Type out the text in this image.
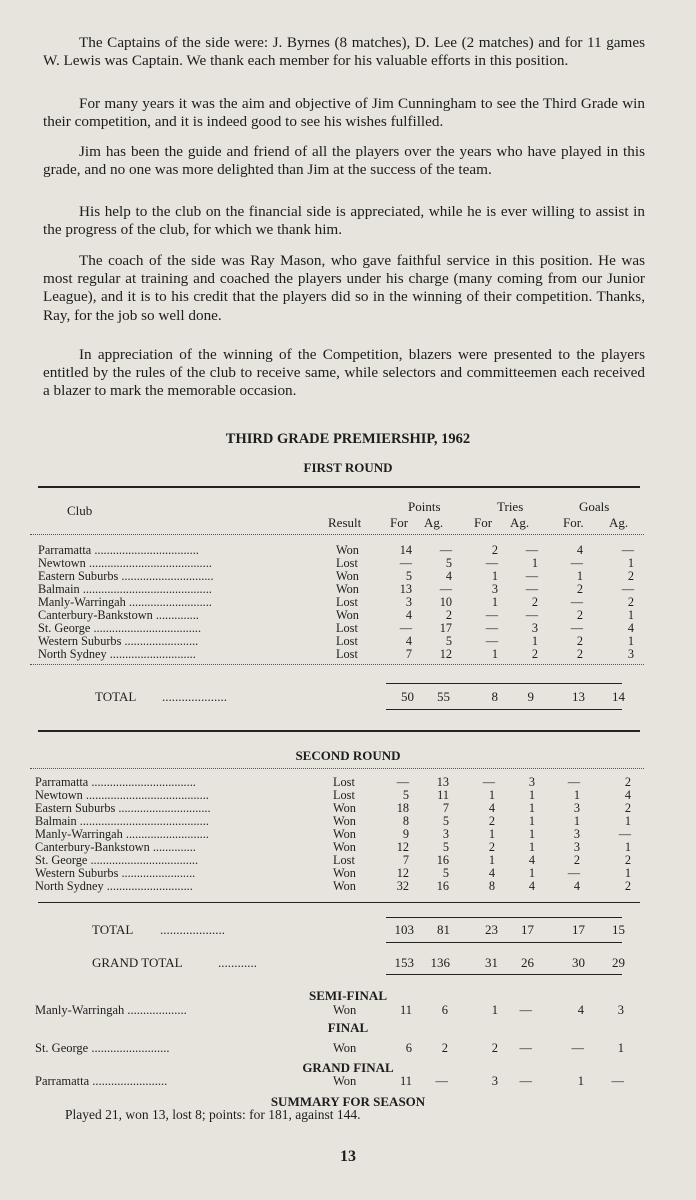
The Captains of the side were: J. Byrnes (8 matches), D. Lee (2 matches) and for 11 games W. Lewis was Captain. We thank each member for his valuable efforts in this position.

For many years it was the aim and objective of Jim Cunningham to see the Third Grade win their competition, and it is indeed good to see his wishes fulfilled.

Jim has been the guide and friend of all the players over the years who have played in this grade, and no one was more delighted than Jim at the success of the team.

His help to the club on the financial side is appreciated, while he is ever willing to assist in the progress of the club, for which we thank him.

The coach of the side was Ray Mason, who gave faithful service in this position. He was most regular at training and coached the players under his charge (many coming from our Junior League), and it is to his credit that the players did so in the winning of their competition. Thanks, Ray, for the job so well done.

In appreciation of the winning of the Competition, blazers were presented to the players entitled by the rules of the club to receive same, while selectors and committeemen each received a blazer to mark the memorable occasion.

THIRD GRADE PREMIERSHIP, 1962
FIRST ROUND
Club	Points	Tries	Goals
Result For Ag. For Ag.	For. Ag.
Parramatta ..................................	Won	14	—	2	—	4	—
Newtown ........................................	Lost	—	5	—	1	—	1
Eastern Suburbs ..............................	Won	5	4	1	—	1	2
Balmain ..........................................	Won	13	—	3	—	2	—
Manly-Warringah ...........................	Lost	3	10	1	2	—	2
Canterbury-Bankstown ..............	Won	4	2	—	—	2	1
St. George ...................................	Lost	—	17	—	3	—	4
Western Suburbs ........................	Lost	4	5	—	1	2	1
North Sydney ............................	Lost	7	12	1	2	2	3
TOTAL ....................	50	55	8	9	13	14
SECOND ROUND
Parramatta ..................................	Lost	—	13	—	3	—	2
Newtown ........................................	Lost	5	11	1	1	1	4
Eastern Suburbs ..............................	Won	18	7	4	1	3	2
Balmain ..........................................	Won	8	5	2	1	1	1
Manly-Warringah ...........................	Won	9	3	1	1	3	—
Canterbury-Bankstown ..............	Won	12	5	2	1	3	1
St. George ...................................	Lost	7	16	1	4	2	2
Western Suburbs ........................	Won	12	5	4	1	—	1
North Sydney ............................	Won	32	16	8	4	4	2
TOTAL ....................	103	81	23	17	17	15
GRAND TOTAL	............	153	136	31	26	30	29
SEMI-FINAL
Manly-Warringah ...................	Won	11	6	1	—	4	3
FINAL
St. George .........................	Won	6	2	2	—	—	1
GRAND FINAL
Parramatta ........................	Won	11	—	3	—	1 —
SUMMARY FOR SEASON
Played 21, won 13, lost 8; points: for 181, against 144.
13
